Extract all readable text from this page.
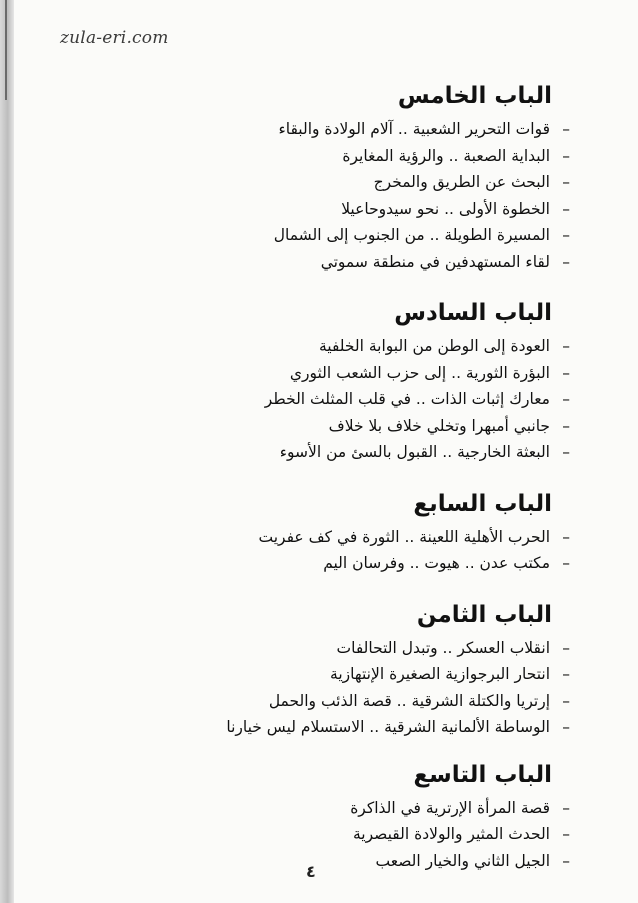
zula-eri.com
الباب الخامس
–قوات التحرير الشعبية .. آلام الولادة والبقاء
–البداية الصعبة .. والرؤية المغايرة
–البحث عن الطريق والمخرج
–الخطوة الأولى .. نحو سيدوحاعيلا
–المسيرة الطويلة .. من الجنوب إلى الشمال
–لقاء المستهدفين في منطقة سموتي
الباب السادس
–العودة إلى الوطن من البوابة الخلفية
–البؤرة الثورية .. إلى حزب الشعب الثوري
–معارك إثبات الذات .. في قلب المثلث الخطر
–جانبي أمبهرا وتخلي خلاف بلا خلاف
–البعثة الخارجية .. القبول بالسئ من الأسوء
الباب السابع
–الحرب الأهلية اللعينة .. الثورة في كف عفريت
–مكتب عدن .. هيوت .. وفرسان اليم
الباب الثامن
–انقلاب العسكر .. وتبدل التحالفات
–انتحار البرجوازية الصغيرة الإنتهازية
–إرتريا والكتلة الشرقية .. قصة الذئب والحمل
–الوساطة الألمانية الشرقية .. الاستسلام ليس خيارنا
الباب التاسع
–قصة المرأة الإرترية في الذاكرة
–الحدث المثير والولادة القيصرية
–الجيل الثاني والخيار الصعب
٤
